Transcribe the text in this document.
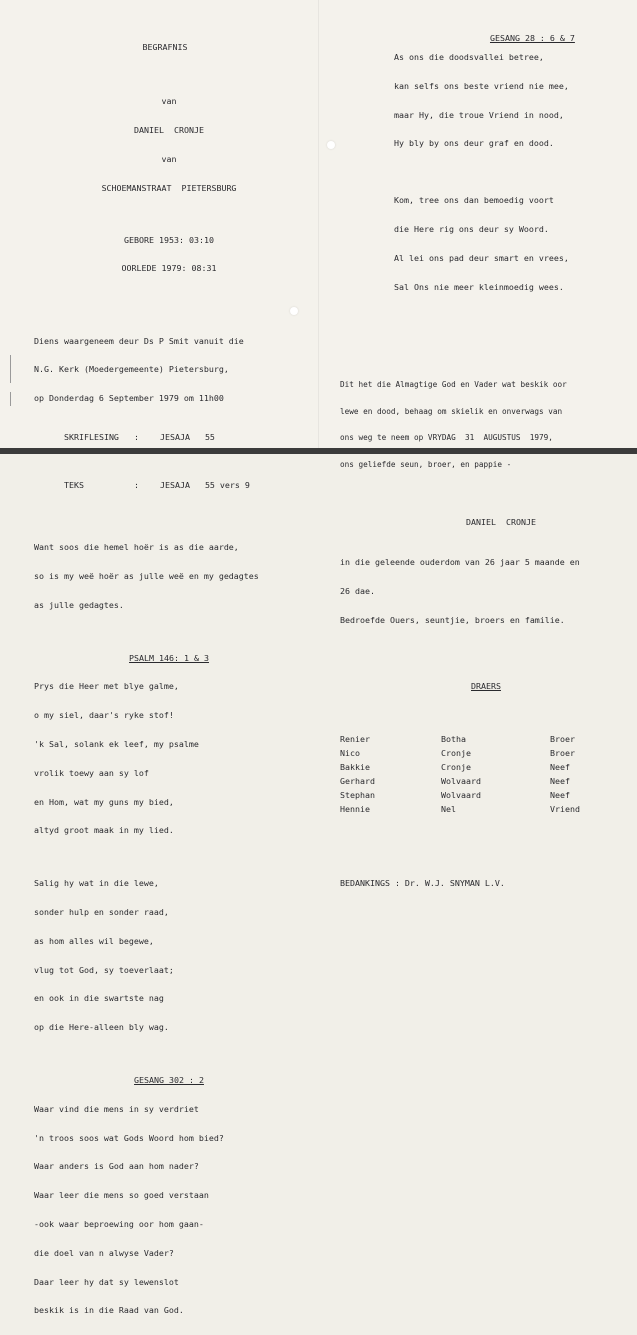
BEGRAFNIS

van

DANIEL  CRONJE

van

SCHOEMANSTRAAT  PIETERSBURG

GEBORE 1953: 03:10

OORLEDE 1979: 08:31

Diens waargeneem deur Ds P Smit vanuit die

N.G. Kerk (Moedergemeente) Pietersburg,

op Donderdag 6 September 1979 om 11h00

SKRIFLESING :	JESAJA   55

TEKS	:	JESAJA   55 vers 9

Want soos die hemel hoër is as die aarde,

so is my weë hoër as julle weë en my gedagtes

as julle gedagtes.

PSALM 146: 1 & 3

Prys die Heer met blye galme,

o my siel, daar's ryke stof!

'k Sal, solank ek leef, my psalme

vrolik toewy aan sy lof

en Hom, wat my guns my bied,

altyd groot maak in my lied.

Salig hy wat in die lewe,

sonder hulp en sonder raad,

as hom alles wil begewe,

vlug tot God, sy toeverlaat;

en ook in die swartste nag

op die Here-alleen bly wag.

GESANG 302 : 2

Waar vind die mens in sy verdriet

'n troos soos wat Gods Woord hom bied?

Waar anders is God aan hom nader?

Waar leer die mens so goed verstaan

-ook waar beproewing oor hom gaan-

die doel van n alwyse Vader?

Daar leer hy dat sy lewenslot

beskik is in die Raad van God.

GESANG 28 : 6 & 7

As ons die doodsvallei betree,

kan selfs ons beste vriend nie mee,

maar Hy, die troue Vriend in nood,

Hy bly by ons deur graf en dood.

Kom, tree ons dan bemoedig voort

die Here rig ons deur sy Woord.

Al lei ons pad deur smart en vrees,

Sal Ons nie meer kleinmoedig wees.

Dit het die Almagtige God en Vader wat beskik oor

lewe en dood, behaag om skielik en onverwags van

ons weg te neem op VRYDAG  31  AUGUSTUS  1979,

ons geliefde seun, broer, en pappie -

DANIEL  CRONJE

in die geleende ouderdom van 26 jaar 5 maande en

26 dae.

Bedroefde Ouers, seuntjie, broers en familie.

DRAERS

Renier	Botha	Broer
Nico	Cronje	Broer
Bakkie	Cronje	Neef
Gerhard	Wolvaard	Neef
Stephan	Wolvaard	Neef
Hennie	Nel	Vriend

BEDANKINGS : Dr. W.J. SNYMAN L.V.
